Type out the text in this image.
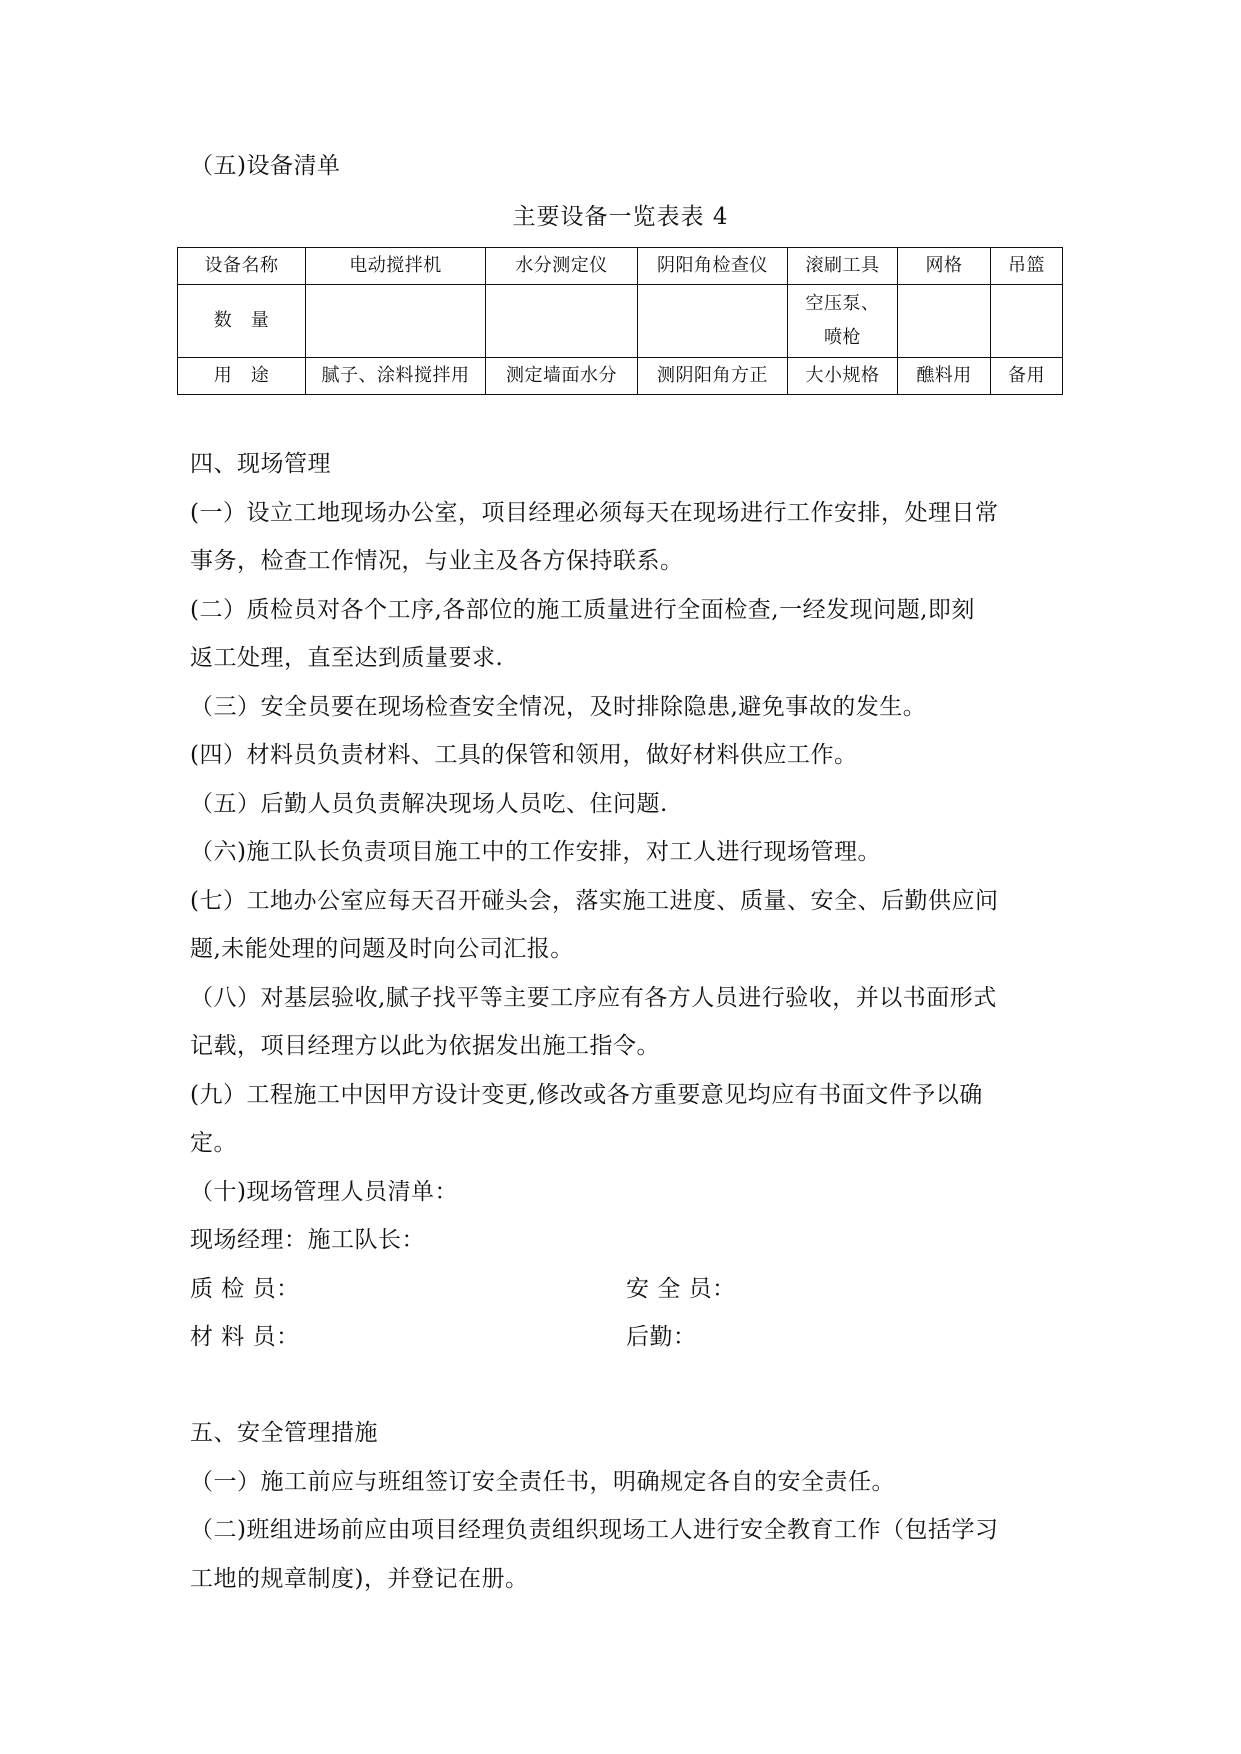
（五)设备清单
主要设备一览表表 4
设备名称	电动搅拌机	水分测定仪	阴阳角检查仪	滚刷工具	网格	吊篮
数　量				空压泵、喷枪		
用　途	腻子、涂料搅拌用	测定墙面水分	测阴阳角方正	大小规格	醮料用	备用
四、现场管理
(一）设立工地现场办公室，项目经理必须每天在现场进行工作安排，处理日常
事务，检查工作情况，与业主及各方保持联系。
(二）质检员对各个工序,各部位的施工质量进行全面检查,一经发现问题,即刻
返工处理，直至达到质量要求.
（三）安全员要在现场检查安全情况，及时排除隐患,避免事故的发生。
(四）材料员负责材料、工具的保管和领用，做好材料供应工作。
（五）后勤人员负责解决现场人员吃、住问题.
（六)施工队长负责项目施工中的工作安排，对工人进行现场管理。
(七）工地办公室应每天召开碰头会，落实施工进度、质量、安全、后勤供应问
题,未能处理的问题及时向公司汇报。
（八）对基层验收,腻子找平等主要工序应有各方人员进行验收，并以书面形式
记载，项目经理方以此为依据发出施工指令。
(九）工程施工中因甲方设计变更,修改或各方重要意见均应有书面文件予以确
定。
（十)现场管理人员清单：
现场经理：施工队长：
质 检 员：	安 全 员：
材 料 员：	后勤：
五、安全管理措施
（一）施工前应与班组签订安全责任书，明确规定各自的安全责任。
（二)班组进场前应由项目经理负责组织现场工人进行安全教育工作（包括学习
工地的规章制度)，并登记在册。
